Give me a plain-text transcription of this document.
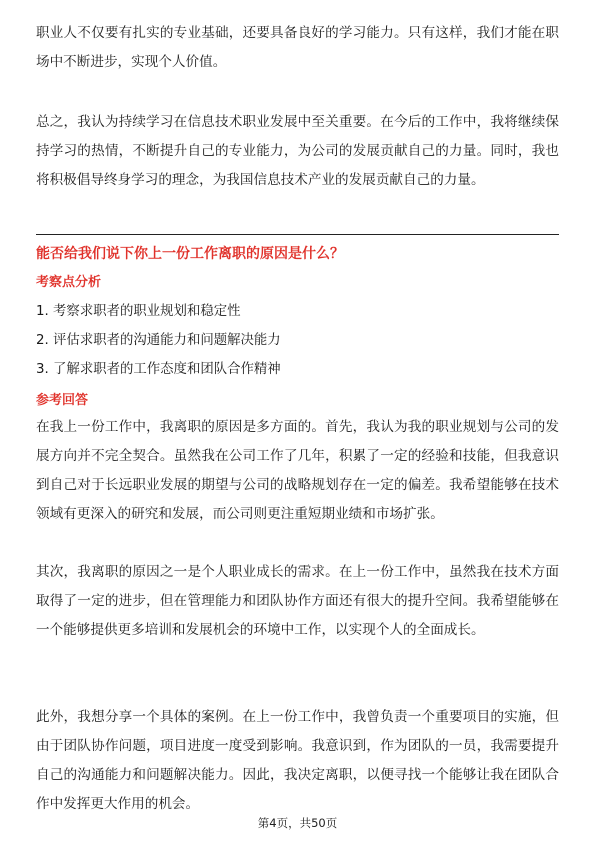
职业人不仅要有扎实的专业基础，还要具备良好的学习能力。只有这样，我们才能在职场中不断进步，实现个人价值。

总之，我认为持续学习在信息技术职业发展中至关重要。在今后的工作中，我将继续保持学习的热情，不断提升自己的专业能力，为公司的发展贡献自己的力量。同时，我也将积极倡导终身学习的理念，为我国信息技术产业的发展贡献自己的力量。

能否给我们说下你上一份工作离职的原因是什么？

考察点分析

1. 考察求职者的职业规划和稳定性
2. 评估求职者的沟通能力和问题解决能力
3. 了解求职者的工作态度和团队合作精神

参考回答

在我上一份工作中，我离职的原因是多方面的。首先，我认为我的职业规划与公司的发展方向并不完全契合。虽然我在公司工作了几年，积累了一定的经验和技能，但我意识到自己对于长远职业发展的期望与公司的战略规划存在一定的偏差。我希望能够在技术领域有更深入的研究和发展，而公司则更注重短期业绩和市场扩张。

其次，我离职的原因之一是个人职业成长的需求。在上一份工作中，虽然我在技术方面取得了一定的进步，但在管理能力和团队协作方面还有很大的提升空间。我希望能够在一个能够提供更多培训和发展机会的环境中工作，以实现个人的全面成长。

此外，我想分享一个具体的案例。在上一份工作中，我曾负责一个重要项目的实施，但由于团队协作问题，项目进度一度受到影响。我意识到，作为团队的一员，我需要提升自己的沟通能力和问题解决能力。因此，我决定离职，以便寻找一个能够让我在团队合作中发挥更大作用的机会。

第4页，共50页
